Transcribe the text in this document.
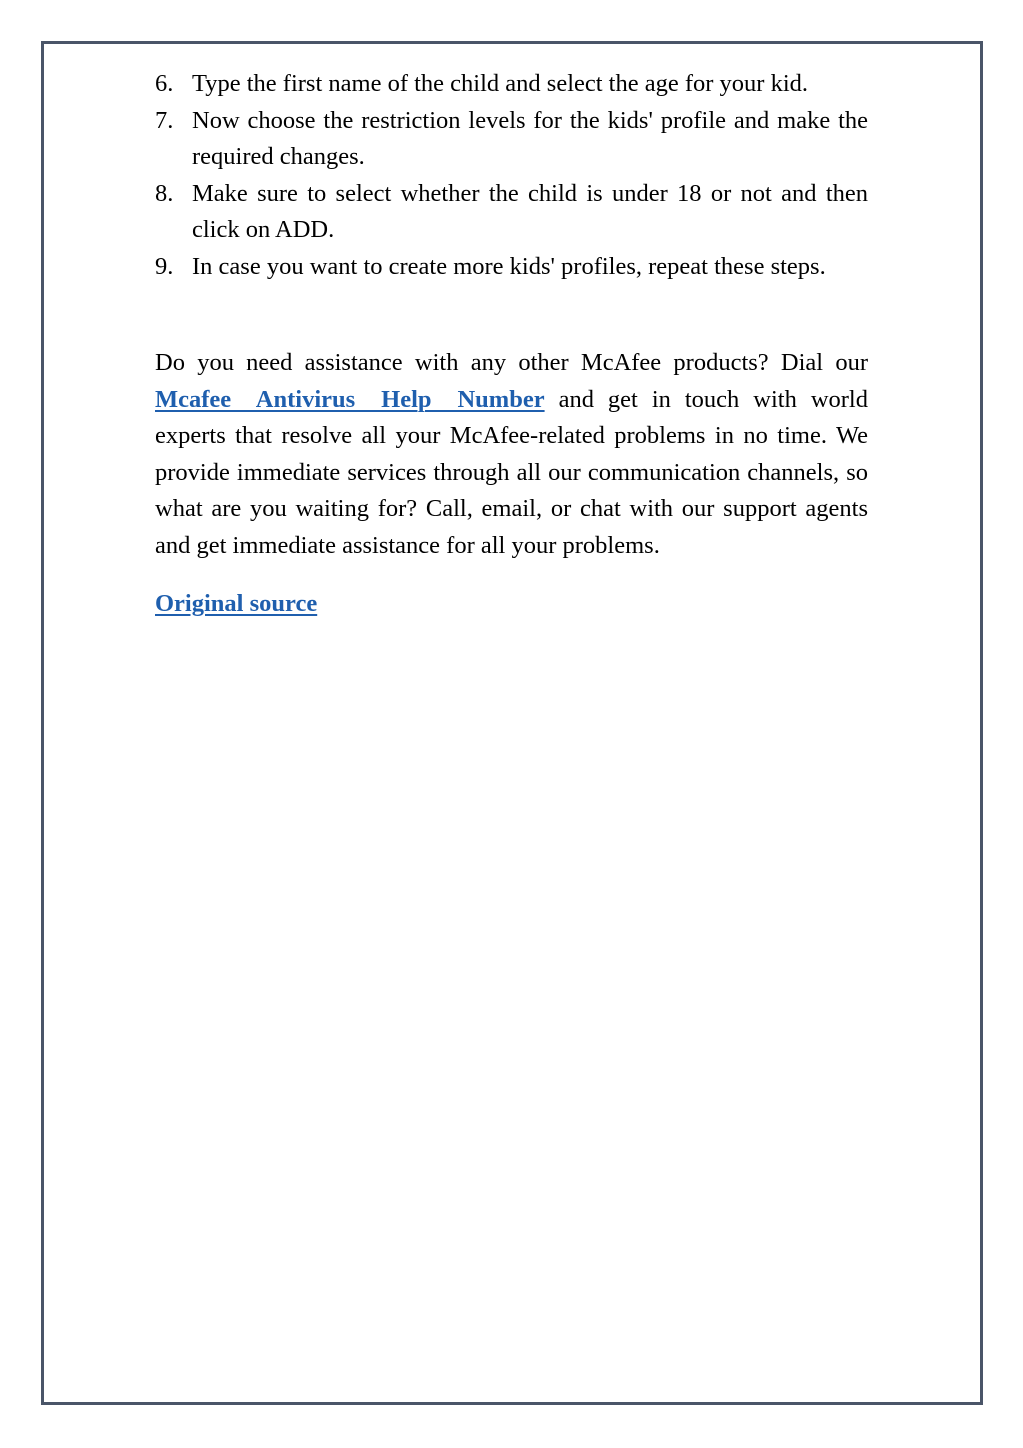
6. Type the first name of the child and select the age for your kid.
7. Now choose the restriction levels for the kids' profile and make the required changes.
8. Make sure to select whether the child is under 18 or not and then click on ADD.
9. In case you want to create more kids' profiles, repeat these steps.

Do you need assistance with any other McAfee products? Dial our Mcafee Antivirus Help Number and get in touch with world experts that resolve all your McAfee-related problems in no time. We provide immediate services through all our communication channels, so what are you waiting for? Call, email, or chat with our support agents and get immediate assistance for all your problems.

Original source
